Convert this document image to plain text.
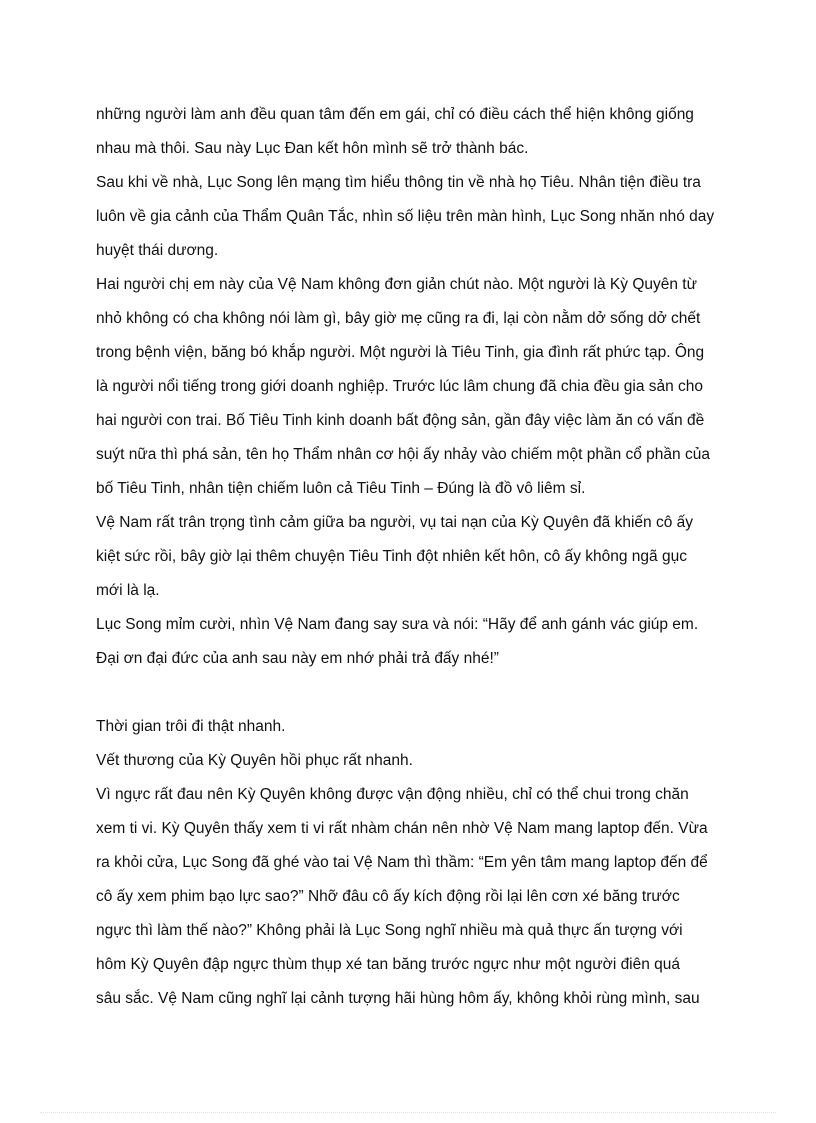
những người làm anh đều quan tâm đến em gái, chỉ có điều cách thể hiện không giống
nhau mà thôi. Sau này Lục Đan kết hôn mình sẽ trở thành bác.
Sau khi về nhà, Lục Song lên mạng tìm hiểu thông tin về nhà họ Tiêu. Nhân tiện điều tra
luôn về gia cảnh của Thẩm Quân Tắc, nhìn số liệu trên màn hình, Lục Song nhăn nhó day
huyệt thái dương.
Hai người chị em này của Vệ Nam không đơn giản chút nào. Một người là Kỳ Quyên từ
nhỏ không có cha không nói làm gì, bây giờ mẹ cũng ra đi, lại còn nằm dở sống dở chết
trong bệnh viện, băng bó khắp người. Một người là Tiêu Tinh, gia đình rất phức tạp. Ông
là người nổi tiếng trong giới doanh nghiệp. Trước lúc lâm chung đã chia đều gia sản cho
hai người con trai. Bố Tiêu Tinh kinh doanh bất động sản, gần đây việc làm ăn có vấn đề
suýt nữa thì phá sản, tên họ Thẩm nhân cơ hội ấy nhảy vào chiếm một phần cổ phần của
bố Tiêu Tinh, nhân tiện chiếm luôn cả Tiêu Tinh – Đúng là đồ vô liêm sỉ.
Vệ Nam rất trân trọng tình cảm giữa ba người, vụ tai nạn của Kỳ Quyên đã khiến cô ấy
kiệt sức rồi, bây giờ lại thêm chuyện Tiêu Tinh đột nhiên kết hôn, cô ấy không ngã gục
mới là lạ.
Lục Song mỉm cười, nhìn Vệ Nam đang say sưa và nói: “Hãy để anh gánh vác giúp em.
Đại ơn đại đức của anh sau này em nhớ phải trả đấy nhé!”
Thời gian trôi đi thật nhanh.
Vết thương của Kỳ Quyên hồi phục rất nhanh.
Vì ngực rất đau nên Kỳ Quyên không được vận động nhiều, chỉ có thể chui trong chăn
xem ti vi. Kỳ Quyên thấy xem ti vi rất nhàm chán nên nhờ Vệ Nam mang laptop đến. Vừa
ra khỏi cửa, Lục Song đã ghé vào tai Vệ Nam thì thầm: “Em yên tâm mang laptop đến để
cô ấy xem phim bạo lực sao?” Nhỡ đâu cô ấy kích động rồi lại lên cơn xé băng trước
ngực thì làm thế nào?” Không phải là Lục Song nghĩ nhiều mà quả thực ấn tượng với
hôm Kỳ Quyên đập ngực thùm thụp xé tan băng trước ngực như một người điên quá
sâu sắc. Vệ Nam cũng nghĩ lại cảnh tượng hãi hùng hôm ấy, không khỏi rùng mình, sau
